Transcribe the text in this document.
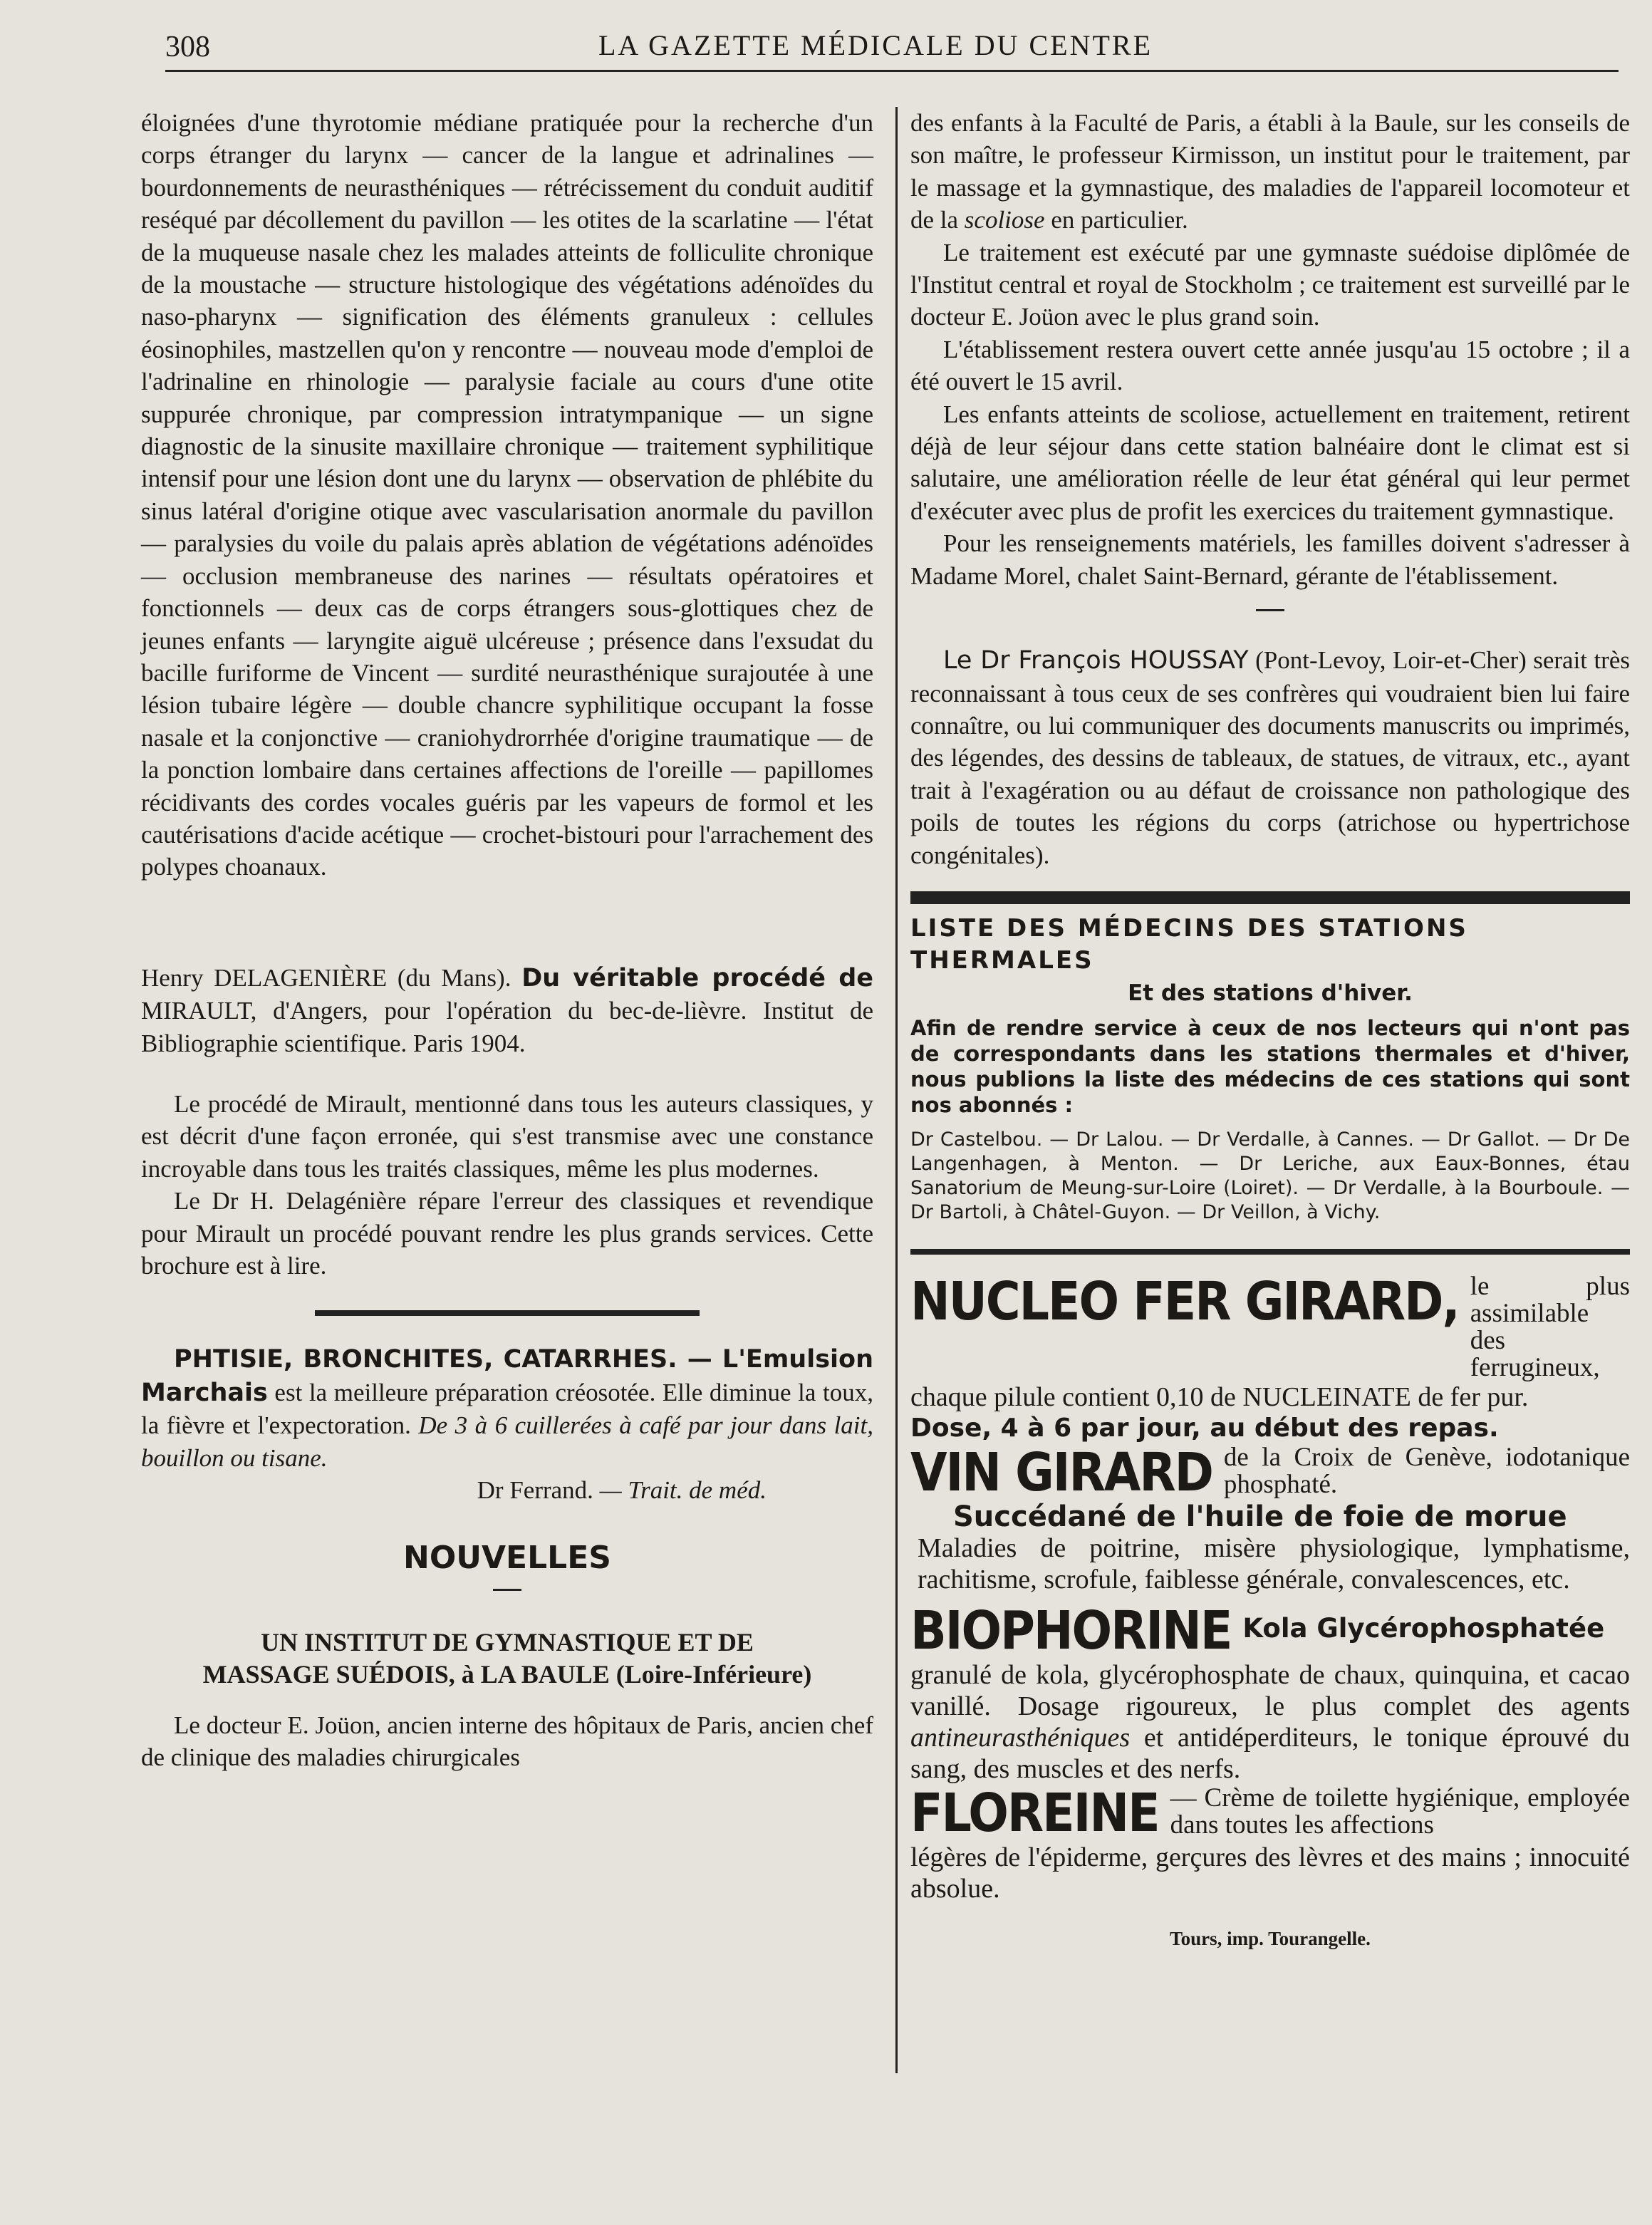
308	LA GAZETTE MÉDICALE DU CENTRE

éloignées d'une thyrotomie médiane pratiquée pour la recherche d'un corps étranger du larynx — cancer de la langue et adrinalines — bourdonnements de neurasthéniques — rétrécissement du conduit auditif reséqué par décollement du pavillon — les otites de la scarlatine — l'état de la muqueuse nasale chez les malades atteints de folliculite chronique de la moustache — structure histologique des végétations adénoïdes du naso-pharynx — signification des éléments granuleux : cellules éosinophiles, mastzellen qu'on y rencontre — nouveau mode d'emploi de l'adrinaline en rhinologie — paralysie faciale au cours d'une otite suppurée chronique, par compression intratympanique — un signe diagnostic de la sinusite maxillaire chronique — traitement syphilitique intensif pour une lésion dont une du larynx — observation de phlébite du sinus latéral d'origine otique avec vascularisation anormale du pavillon — paralysies du voile du palais après ablation de végétations adénoïdes — occlusion membraneuse des narines — résultats opératoires et fonctionnels — deux cas de corps étrangers sous-glottiques chez de jeunes enfants — laryngite aiguë ulcéreuse ; présence dans l'exsudat du bacille furiforme de Vincent — surdité neurasthénique surajoutée à une lésion tubaire légère — double chancre syphilitique occupant la fosse nasale et la conjonctive — craniohydrorrhée d'origine traumatique — de la ponction lombaire dans certaines affections de l'oreille — papillomes récidivants des cordes vocales guéris par les vapeurs de formol et les cautérisations d'acide acétique — crochet-bistouri pour l'arrachement des polypes choanaux.

Henry DELAGENIÈRE (du Mans). Du véritable procédé de MIRAULT, d'Angers, pour l'opération du bec-de-lièvre. Institut de Bibliographie scientifique. Paris 1904.

Le procédé de Mirault, mentionné dans tous les auteurs classiques, y est décrit d'une façon erronée, qui s'est transmise avec une constance incroyable dans tous les traités classiques, même les plus modernes.

Le Dr H. Delagénière répare l'erreur des classiques et revendique pour Mirault un procédé pouvant rendre les plus grands services. Cette brochure est à lire.

PHTISIE, BRONCHITES, CATARRHES. — L'Emulsion Marchais est la meilleure préparation créosotée. Elle diminue la toux, la fièvre et l'expectoration. De 3 à 6 cuillerées à café par jour dans lait, bouillon ou tisane.

Dr Ferrand. — Trait. de méd.

NOUVELLES
UN INSTITUT DE GYMNASTIQUE ET DE
MASSAGE SUÉDOIS, à LA BAULE (Loire-Inférieure)

Le docteur E. Joüon, ancien interne des hôpitaux de Paris, ancien chef de clinique des maladies chirurgicales

des enfants à la Faculté de Paris, a établi à la Baule, sur les conseils de son maître, le professeur Kirmisson, un institut pour le traitement, par le massage et la gymnastique, des maladies de l'appareil locomoteur et de la scoliose en particulier.

Le traitement est exécuté par une gymnaste suédoise diplômée de l'Institut central et royal de Stockholm ; ce traitement est surveillé par le docteur E. Joüon avec le plus grand soin.

L'établissement restera ouvert cette année jusqu'au 15 octobre ; il a été ouvert le 15 avril.

Les enfants atteints de scoliose, actuellement en traitement, retirent déjà de leur séjour dans cette station balnéaire dont le climat est si salutaire, une amélioration réelle de leur état général qui leur permet d'exécuter avec plus de profit les exercices du traitement gymnastique.

Pour les renseignements matériels, les familles doivent s'adresser à Madame Morel, chalet Saint-Bernard, gérante de l'établissement.

Le Dr François HOUSSAY (Pont-Levoy, Loir-et-Cher) serait très reconnaissant à tous ceux de ses confrères qui voudraient bien lui faire connaître, ou lui communiquer des documents manuscrits ou imprimés, des légendes, des dessins de tableaux, de statues, de vitraux, etc., ayant trait à l'exagération ou au défaut de croissance non pathologique des poils de toutes les régions du corps (atrichose ou hypertrichose congénitales).

LISTE DES MÉDECINS DES STATIONS THERMALES
Et des stations d'hiver.
Afin de rendre service à ceux de nos lecteurs qui n'ont pas de correspondants dans les stations thermales et d'hiver, nous publions la liste des médecins de ces stations qui sont nos abonnés :
Dr Castelbou. — Dr Lalou. — Dr Verdalle, à Cannes. — Dr Gallot. — Dr De Langenhagen, à Menton. — Dr Leriche, aux Eaux-Bonnes, étau Sanatorium de Meung-sur-Loire (Loiret). — Dr Verdalle, à la Bourboule. — Dr Bartoli, à Châtel-Guyon. — Dr Veillon, à Vichy.
NUCLEO FER GIRARD, le plus assimilable des ferrugineux,
chaque pilule contient 0,10 de NUCLEINATE de fer pur.
Dose, 4 à 6 par jour, au début des repas.
VIN GIRARD de la Croix de Genève, iodotanique phosphaté.
Succédané de l'huile de foie de morue
Maladies de poitrine, misère physiologique, lymphatisme, rachitisme, scrofule, faiblesse générale, convalescences, etc.
BIOPHORINE Kola Glycérophosphatée
granulé de kola, glycérophosphate de chaux, quinquina, et cacao vanillé. Dosage rigoureux, le plus complet des agents antineurasthéniques et antidéperditeurs, le tonique éprouvé du sang, des muscles et des nerfs.
FLOREINE — Crème de toilette hygiénique, employée dans toutes les affections
légères de l'épiderme, gerçures des lèvres et des mains ; innocuité absolue.
Tours, imp. Tourangelle.
